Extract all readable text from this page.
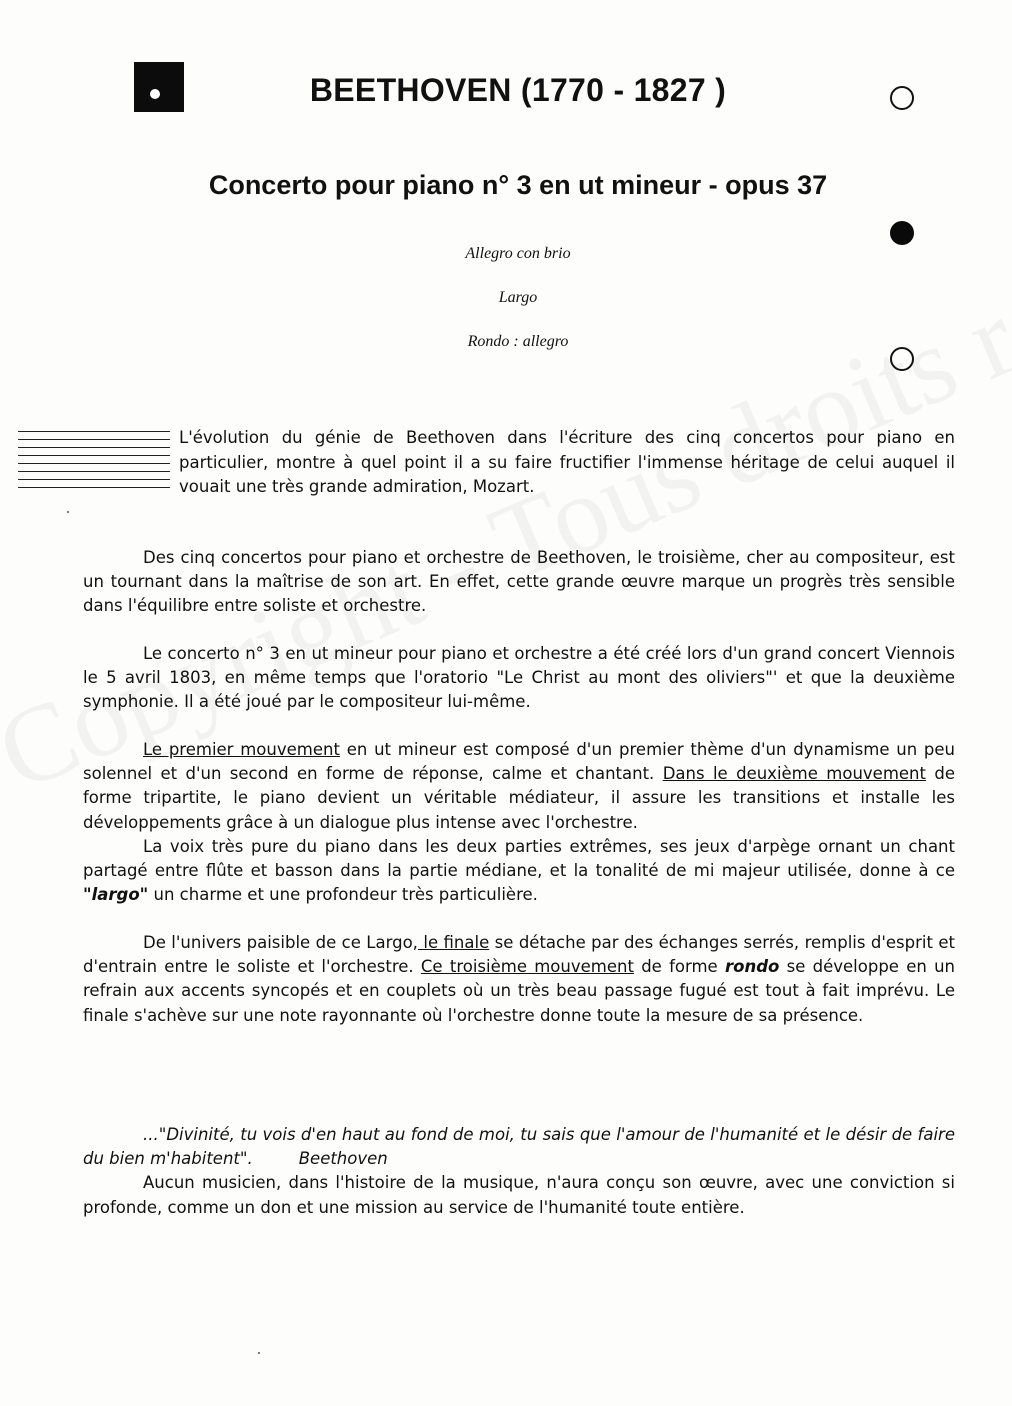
BEETHOVEN (1770 - 1827 )
Concerto pour piano n° 3 en ut mineur - opus 37
Allegro con brio
Largo
Rondo : allegro
L'évolution du génie de Beethoven dans l'écriture des cinq concertos pour piano en particulier, montre à quel point il a su faire fructifier l'immense héritage de celui auquel il vouait une très grande admiration, Mozart.

Des cinq concertos pour piano et orchestre de Beethoven, le troisième, cher au compositeur, est un tournant dans la maîtrise de son art. En effet, cette grande œuvre marque un progrès très sensible dans l'équilibre entre soliste et orchestre.

Le concerto n° 3 en ut mineur pour piano et orchestre a été créé lors d'un grand concert Viennois le 5 avril 1803, en même temps que l'oratorio "Le Christ au mont des oliviers"' et que la deuxième symphonie. Il a été joué par le compositeur lui-même.

Le premier mouvement en ut mineur est composé d'un premier thème d'un dynamisme un peu solennel et d'un second en forme de réponse, calme et chantant. Dans le deuxième mouvement de forme tripartite, le piano devient un véritable médiateur, il assure les transitions et installe les développements grâce à un dialogue plus intense avec l'orchestre.

La voix très pure du piano dans les deux parties extrêmes, ses jeux d'arpège ornant un chant partagé entre flûte et basson dans la partie médiane, et la tonalité de mi majeur utilisée, donne à ce "largo" un charme et une profondeur très particulière.

De l'univers paisible de ce Largo, le finale se détache par des échanges serrés, remplis d'esprit et d'entrain entre le soliste et l'orchestre. Ce troisième mouvement de forme rondo se développe en un refrain aux accents syncopés et en couplets où un très beau passage fugué est tout à fait imprévu. Le finale s'achève sur une note rayonnante où l'orchestre donne toute la mesure de sa présence.

..."Divinité, tu vois d'en haut au fond de moi, tu sais que l'amour de l'humanité et le désir de faire du bien m'habitent".	Beethoven

Aucun musicien, dans l'histoire de la musique, n'aura conçu son œuvre, avec une conviction si profonde, comme un don et une mission au service de l'humanité toute entière.
